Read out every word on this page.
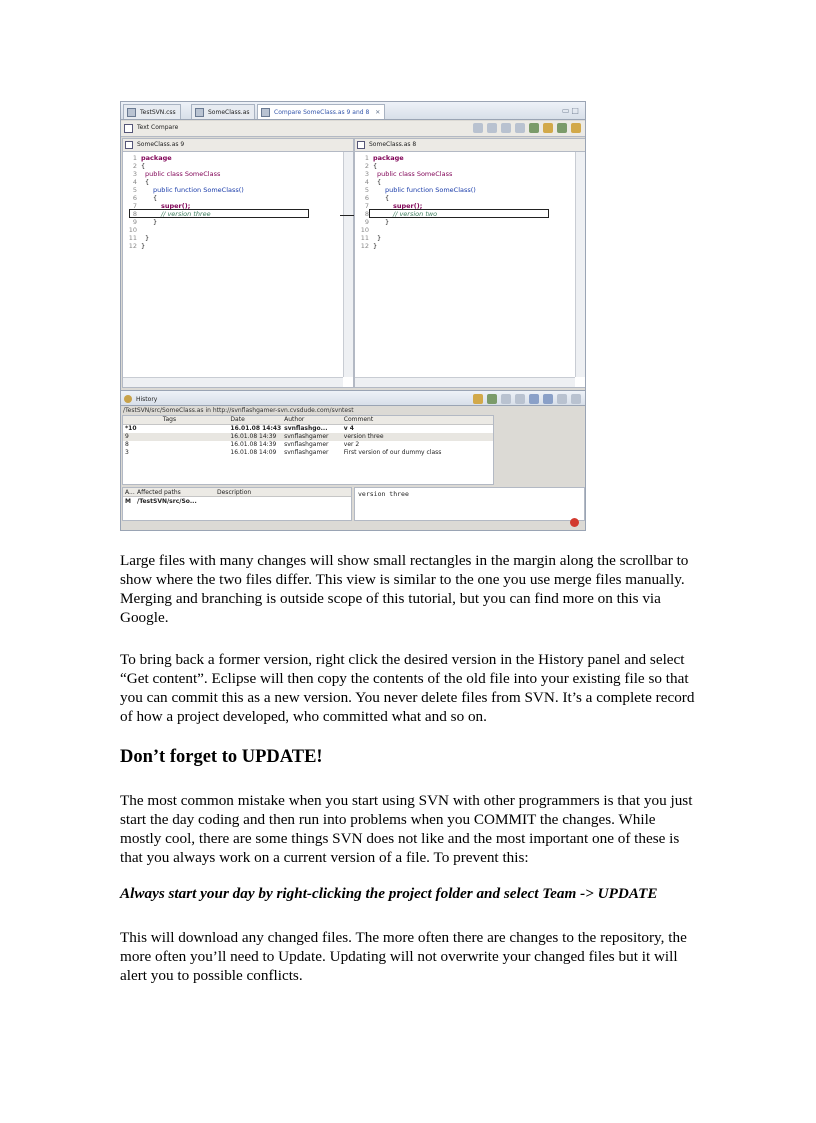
TestSVN.css	SomeClass.as	Compare SomeClass.as 9 and 8 ✕	▭□
Text Compare
SomeClass.as 9
1 package
2 {
3 public class SomeClass
4 {
5 public function SomeClass()
6 {
7	super();
8	// version three
9 }
10
11 }
12 }
SomeClass.as 8
1 package
2 {
3 public class SomeClass
4 {
5 public function SomeClass()
6 {
7	super();
8	// version two
9 }
10
11 }
12 }
History
/TestSVN/src/SomeClass.as in http://svnflashgamer-svn.cvsdude.com/svntest
Tags	Date	Author	Comment
*10	16.01.08 14:43 svnflashgo...	v 4
9	16.01.08 14:39	svnflashgamer	version three
8	16.01.08 14:39	svnflashgamer	ver 2
3	16.01.08 14:09	svnflashgamer	First version of our dummy class
A... Affected paths	Description
M	/TestSVN/src/So...
version three

Large files with many changes will show small rectangles in the margin along the scrollbar to show where the two files differ. This view is similar to the one you use merge files manually. Merging and branching is outside scope of this tutorial, but you can find more on this via Google.

To bring back a former version, right click the desired version in the History panel and select “Get content”. Eclipse will then copy the contents of the old file into your existing file so that you can commit this as a new version. You never delete files from SVN. It’s a complete record of how a project developed, who committed what and so on.

Don’t forget to UPDATE!

The most common mistake when you start using SVN with other programmers is that you just start the day coding and then run into problems when you COMMIT the changes. While mostly cool, there are some things SVN does not like and the most important one of these is that you always work on a current version of a file. To prevent this:

Always start your day by right-clicking the project folder and select Team -> UPDATE

This will download any changed files. The more often there are changes to the repository, the more often you’ll need to Update. Updating will not overwrite your changed files but it will alert you to possible conflicts.
